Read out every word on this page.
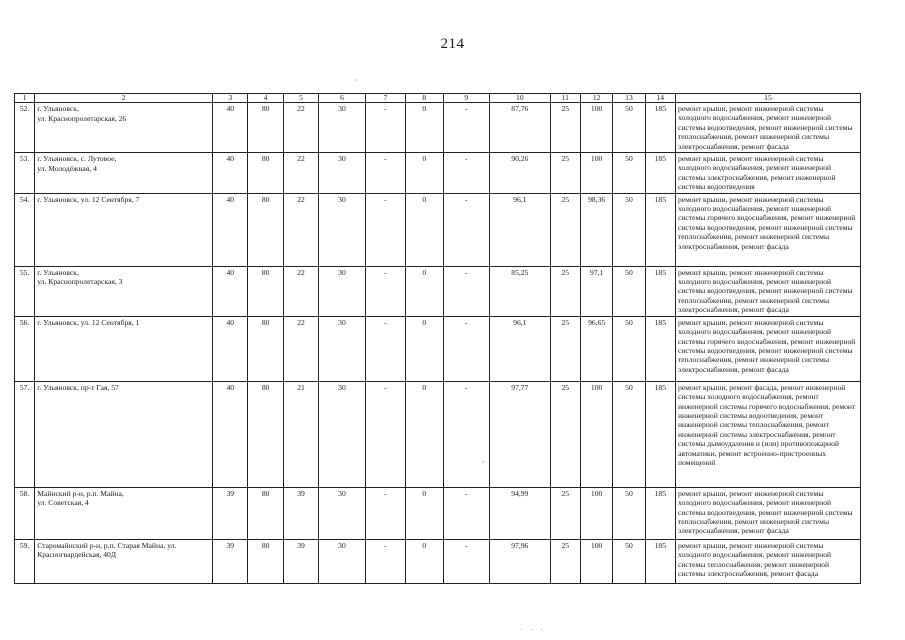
214
·
·
1	2	3	4	5	6	7	8	9	10	11	12	13	14	15
52.	г. Ульяновск,
ул. Краснопролетарская, 26	40	80	22	30	-	0	-	87,76	25	100	50	185	ремонт крыши, ремонт инженерной системы холодного водоснабжения, ремонт инженерной системы водоотведения, ремонт инженерной системы теплоснабжения, ремонт инженерной системы электроснабжения, ремонт фасада
53.	г. Ульяновск, с. Лутовое,
ул. Молодёжная, 4	40	80	22	30	-	0	-	90,26	25	100	50	185	ремонт крыши, ремонт инженерной системы холодного водоснабжения, ремонт инженерной системы электроснабжения, ремонт инженерной системы водоотведения
54.	г. Ульяновск, ул. 12 Сентября, 7	40	80	22	30	-	0	-	96,1	25	98,36	50	185	ремонт крыши, ремонт инженерной системы холодного водоснабжения, ремонт инженерной системы горячего водоснабжения, ремонт инженерной системы водоотведения, ремонт инженерной системы теплоснабжения, ремонт инженерной системы электроснабжения, ремонт фасада
55.	г. Ульяновск,
ул. Краснопролетарская, 3	40	80	22	30	-	0	-	85,25	25	97,1	50	185	ремонт крыши, ремонт инженерной системы холодного водоснабжения, ремонт инженерной системы водоотведения, ремонт инженерной системы теплоснабжения, ремонт инженерной системы электроснабжения, ремонт фасада
56.	г. Ульяновск, ул. 12 Сентября, 1	40	80	22	30	-	0	-	96,1	25	96,65	50	185	ремонт крыши, ремонт инженерной системы холодного водоснабжения, ремонт инженерной системы горячего водоснабжения, ремонт инженерной системы водоотведения, ремонт инженерной системы теплоснабжения, ремонт инженерной системы электроснабжения, ремонт фасада
57.	г. Ульяновск, пр-т Гая, 57	40	80	21	30	-	0	-	97,77	25	100	50	185	ремонт крыши, ремонт фасада, ремонт инженерной системы холодного водоснабжения, ремонт инженерной системы горячего водоснабжения, ремонт инженерной системы водоотведения, ремонт инженерной системы теплоснабжения, ремонт инженерной системы электроснабжения, ремонт системы дымоудаления и (или) противопожарной автоматики, ремонт встроенно-пристроенных помещений
58.	Майнский р-н, р.п. Майна,
ул. Советская, 4	39	80	39	30	-	0	-	94,99	25	100	50	185	ремонт крыши, ремонт инженерной системы холодного водоснабжения, ремонт инженерной системы водоотведения, ремонт инженерной системы теплоснабжения, ремонт инженерной системы электроснабжения, ремонт фасада
59.	Старомайнский р-н, р.п. Старая Майна, ул. Красногвардейская, 40Д	39	80	39	30	-	0	-	97,96	25	100	50	185	ремонт крыши, ремонт инженерной системы холодного водоснабжения, ремонт инженерной системы теплоснабжения, ремонт инженерной системы электроснабжения, ремонт фасада
· · ·
